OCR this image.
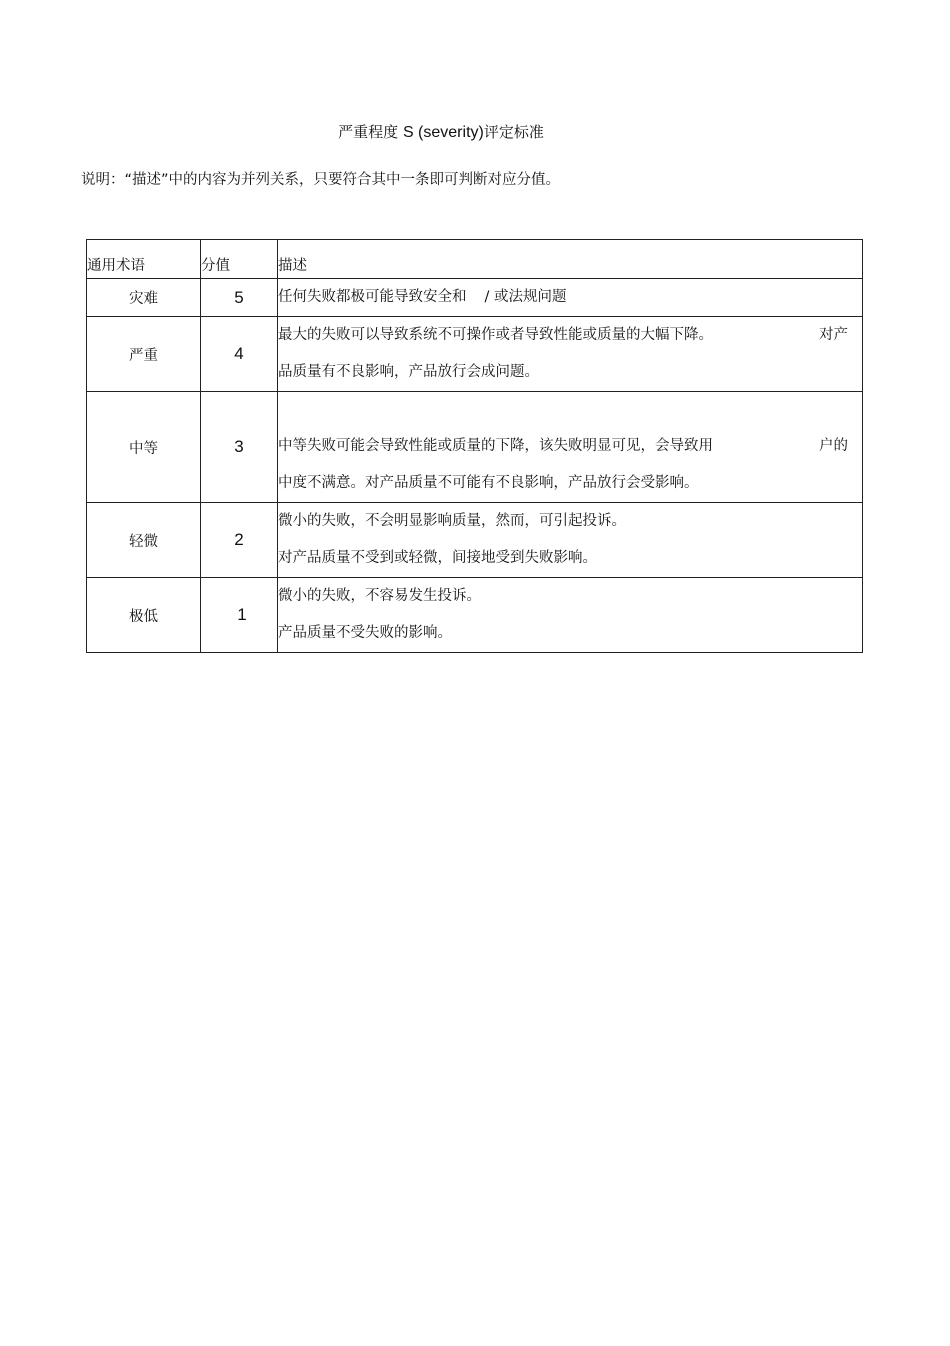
严重程度 S (severity)评定标准
说明：“描述”中的内容为并列关系，只要符合其中一条即可判断对应分值。
通用术语	分值	描述

灾难	5	任何失败都极可能导致安全和 / 或法规问题

严重	4	最大的失败可以导致系统不可操作或者导致性能或质量的大幅下降。 对产
品质量有不良影响，产品放行会成问题。

中等	3	中等失败可能会导致性能或质量的下降，该失败明显可见，会导致用 户的
中度不满意。对产品质量不可能有不良影响，产品放行会受影响。

轻微	2	微小的失败，不会明显影响质量，然而，可引起投诉。
对产品质量不受到或轻微，间接地受到失败影响。

极低	1	微小的失败，不容易发生投诉。
产品质量不受失败的影响。
